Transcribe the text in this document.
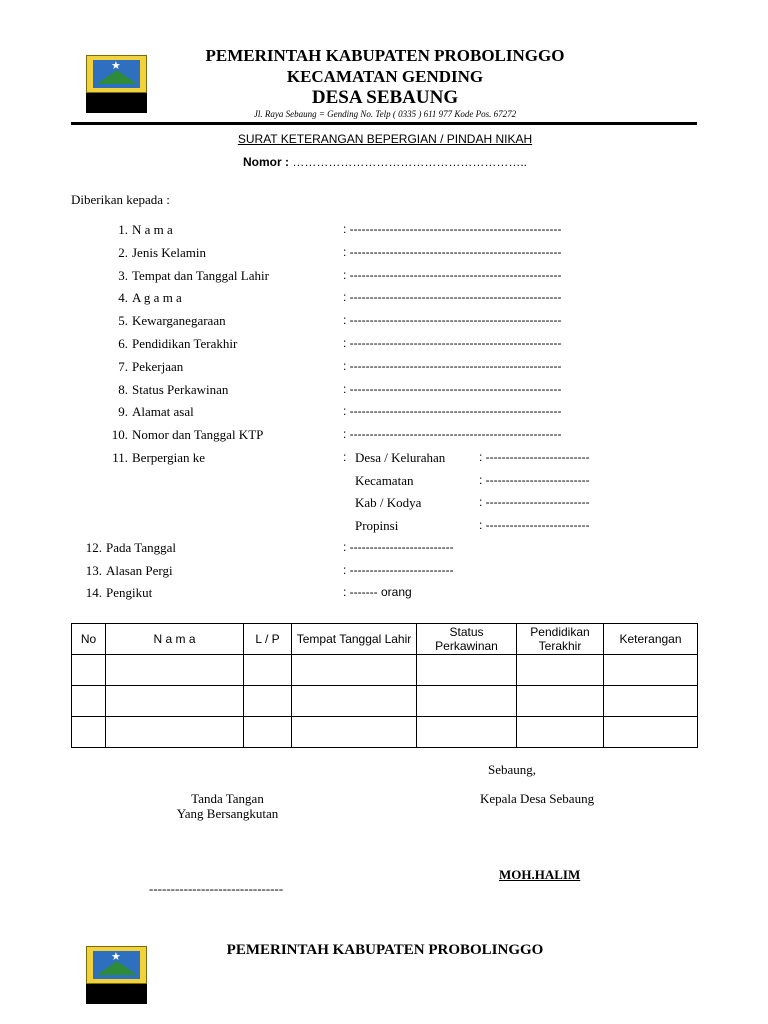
★
PEMERINTAH KABUPATEN PROBOLINGGO
KECAMATAN GENDING
DESA SEBAUNG
Jl. Raya Sebaung = Gending No. Telp ( 0335 ) 611 977 Kode Pos. 67272
SURAT KETERANGAN BEPERGIAN / PINDAH NIKAH
Nomor : …………………………………………………..
Diberikan kepada :
1. N a m a	: -----------------------------------------------------
2. Jenis Kelamin	: -----------------------------------------------------
3. Tempat dan Tanggal Lahir	: -----------------------------------------------------
4. A g a m a	: -----------------------------------------------------
5. Kewarganegaraan	: -----------------------------------------------------
6. Pendidikan Terakhir	: -----------------------------------------------------
7. Pekerjaan	: -----------------------------------------------------
8. Status Perkawinan	: -----------------------------------------------------
9. Alamat asal	: -----------------------------------------------------
10. Nomor dan Tanggal KTP	: -----------------------------------------------------
11. Berpergian ke	: Desa / Kelurahan	: --------------------------
Kecamatan	: --------------------------
Kab / Kodya	: --------------------------
Propinsi	: --------------------------
12. Pada Tanggal	: --------------------------
13. Alasan Pergi	: --------------------------
14. Pengikut	: ------- orang
No	N a m a	L / P	Tempat Tanggal Lahir	Status Perkawinan	Pendidikan Terakhir	Keterangan

Sebaung,
Tanda Tangan
Yang Bersangkutan
Kepala Desa Sebaung
MOH.HALIM
-------------------------------
★	PEMERINTAH KABUPATEN PROBOLINGGO
